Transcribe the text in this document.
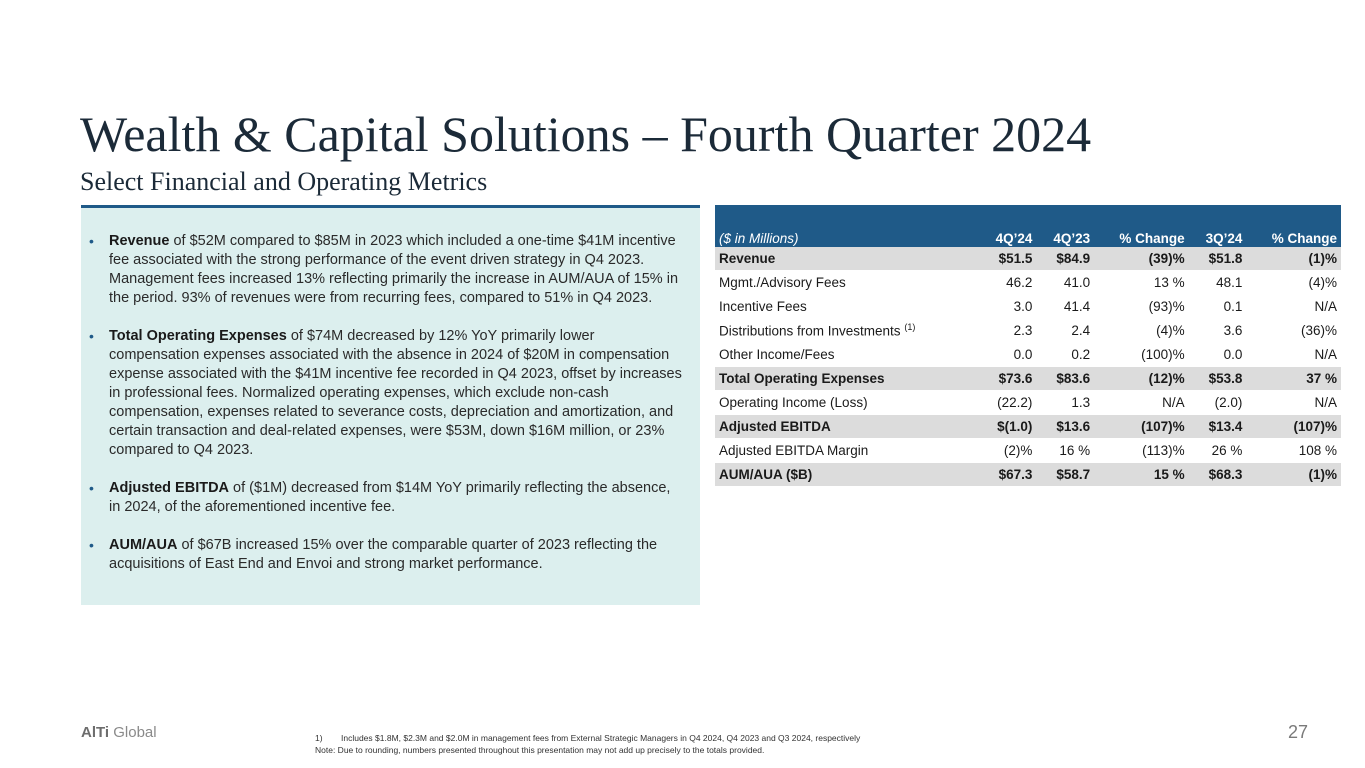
Wealth & Capital Solutions – Fourth Quarter 2024
Select Financial and Operating Metrics
• Revenue of $52M compared to $85M in 2023 which included a one-time $41M incentive fee associated with the strong performance of the event driven strategy in Q4 2023. Management fees increased 13% reflecting primarily the increase in AUM/AUA of 15% in the period. 93% of revenues were from recurring fees, compared to 51% in Q4 2023.
• Total Operating Expenses of $74M decreased by 12% YoY primarily lower compensation expenses associated with the absence in 2024 of $20M in compensation expense associated with the $41M incentive fee recorded in Q4 2023, offset by increases in professional fees. Normalized operating expenses, which exclude non-cash compensation, expenses related to severance costs, depreciation and amortization, and certain transaction and deal-related expenses, were $53M, down $16M million, or 23% compared to Q4 2023.
• Adjusted EBITDA of ($1M) decreased from $14M YoY primarily reflecting the absence, in 2024, of the aforementioned incentive fee.
• AUM/AUA of $67B increased 15% over the comparable quarter of 2023 reflecting the acquisitions of East End and Envoi and strong market performance.
($ in Millions)	4Q’24	4Q’23	% Change	3Q’24	% Change
Revenue	$51.5	$84.9	(39)%	$51.8	(1)%
Mgmt./Advisory Fees	46.2	41.0	13 %	48.1	(4)%
Incentive Fees	3.0	41.4	(93)%	0.1	N/A
Distributions from Investments $^{(1)}$	2.3	2.4	(4)%	3.6	(36)%
Other Income/Fees	0.0	0.2	(100)%	0.0	N/A
Total Operating Expenses	$73.6	$83.6	(12)%	$53.8	37 %
Operating Income (Loss)	(22.2)	1.3	N/A	(2.0)	N/A
Adjusted EBITDA	$(1.0)	$13.6	(107)%	$13.4	(107)%
Adjusted EBITDA Margin	(2)%	16 %	(113)%	26 %	108 %
AUM/AUA ($B)	$67.3	$58.7	15 %	$68.3	(1)%
AlTi Global	1) Includes $1.8M, $2.3M and $2.0M in management fees from External Strategic Managers in Q4 2024, Q4 2023 and Q3 2024, respectively
Note: Due to rounding, numbers presented throughout this presentation may not add up precisely to the totals provided.
27
